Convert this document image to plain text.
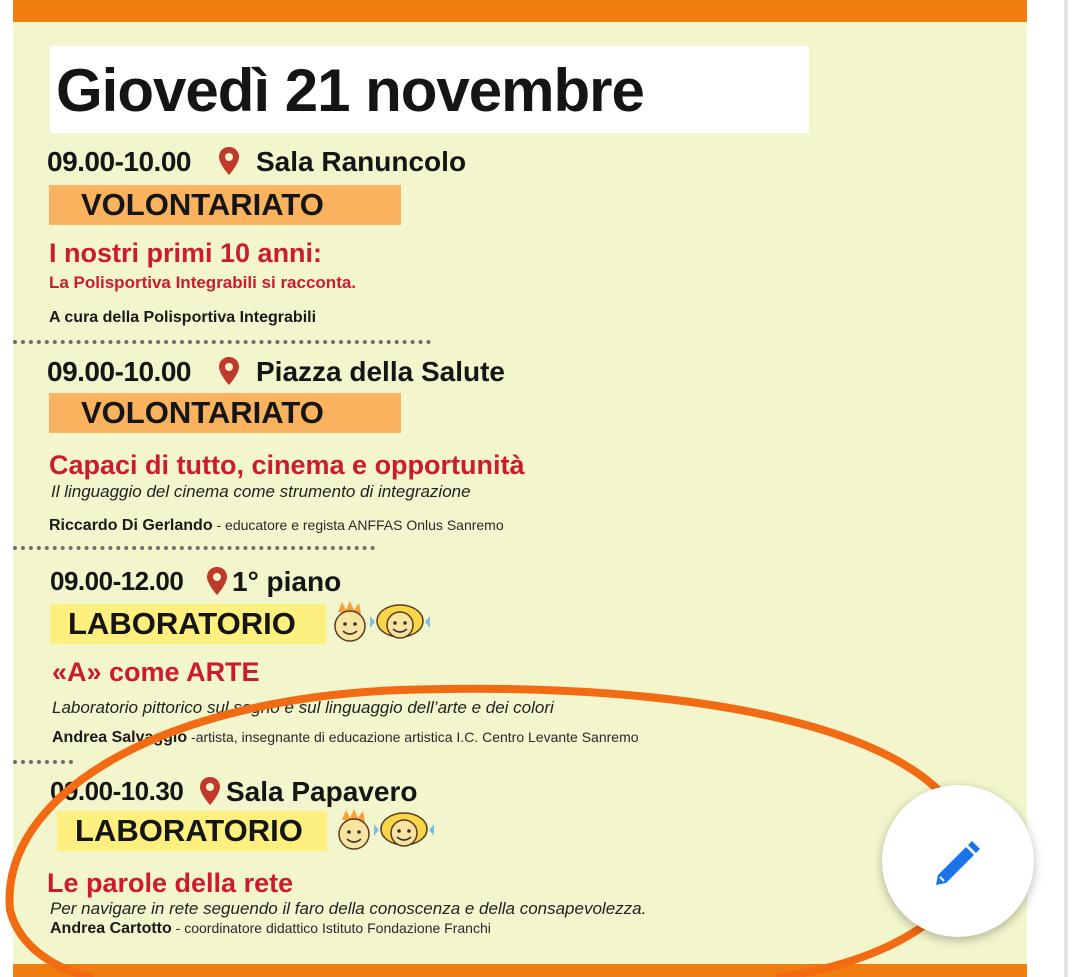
Giovedì 21 novembre
09.00-10.00 Sala Ranuncolo
VOLONTARIATO
I nostri primi 10 anni:
La Polisportiva Integrabili si racconta.
A cura della Polisportiva Integrabili
09.00-10.00 Piazza della Salute
VOLONTARIATO
Capaci di tutto, cinema e opportunità
Il linguaggio del cinema come strumento di integrazione
Riccardo Di Gerlando - educatore e regista ANFFAS Onlus Sanremo
09.00-12.00 1° piano
LABORATORIO
«A» come ARTE
Laboratorio pittorico sul segno e sul linguaggio dell’arte e dei colori
Andrea Salvaggio -artista, insegnante di educazione artistica I.C. Centro Levante Sanremo
09.00-10.30 Sala Papavero
LABORATORIO
Le parole della rete
Per navigare in rete seguendo il faro della conoscenza e della consapevolezza.
Andrea Cartotto - coordinatore didattico Istituto Fondazione Franchi
